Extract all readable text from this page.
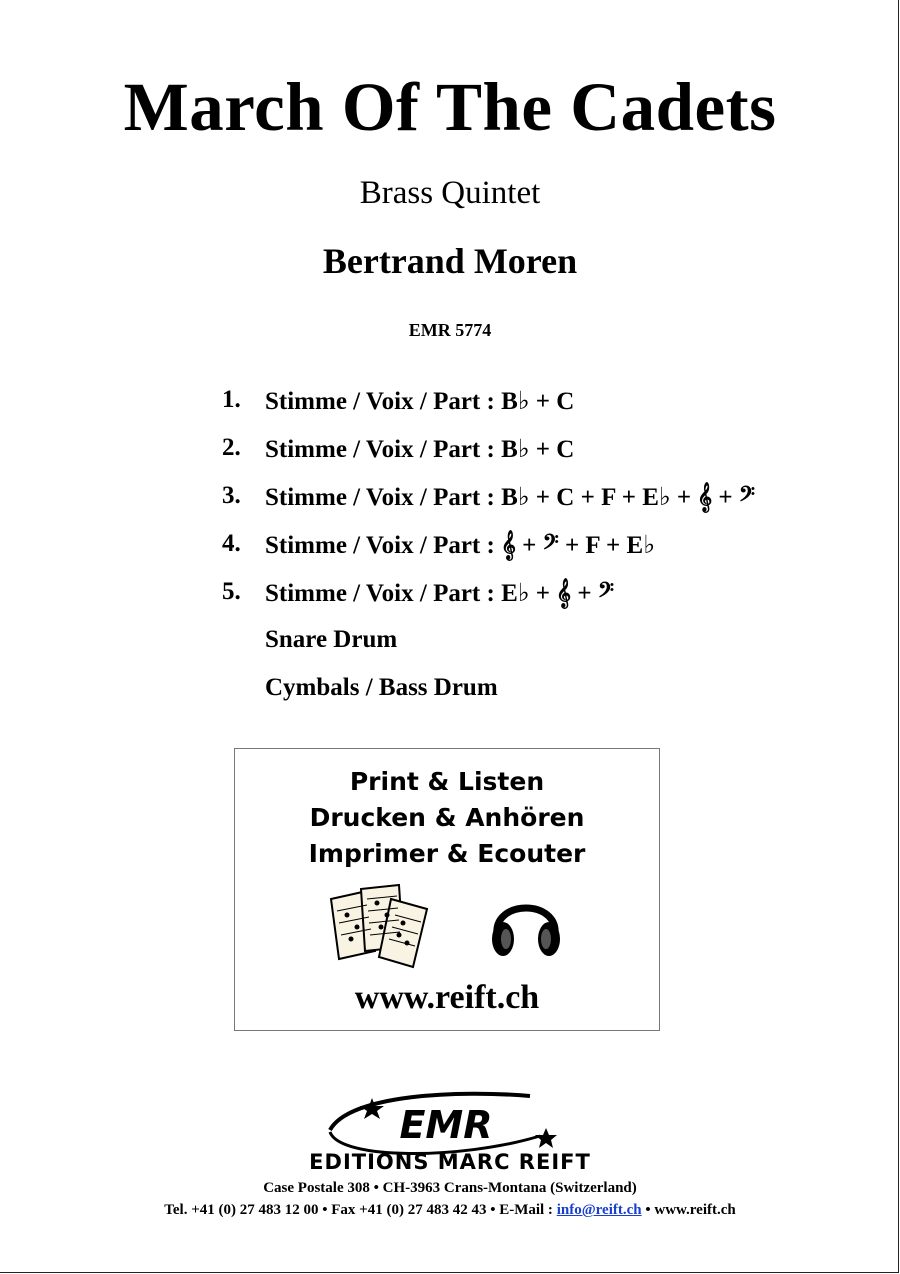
March Of The Cadets
Brass Quintet
Bertrand Moren
EMR 5774
1. Stimme / Voix / Part : B♭ + C
2. Stimme / Voix / Part : B♭ + C
3. Stimme / Voix / Part : B♭ + C + F + E♭ + 𝄞 + 𝄢
4. Stimme / Voix / Part : 𝄞 + 𝄢 + F + E♭
5. Stimme / Voix / Part : E♭ + 𝄞 + 𝄢
Snare Drum
Cymbals / Bass Drum
Print & Listen
Drucken & Anhören
Imprimer & Ecouter
www.reift.ch
EMR
EDITIONS MARC REIFT
Case Postale 308 • CH-3963 Crans-Montana (Switzerland)
Tel. +41 (0) 27 483 12 00 • Fax +41 (0) 27 483 42 43 • E-Mail : info@reift.ch • www.reift.ch
